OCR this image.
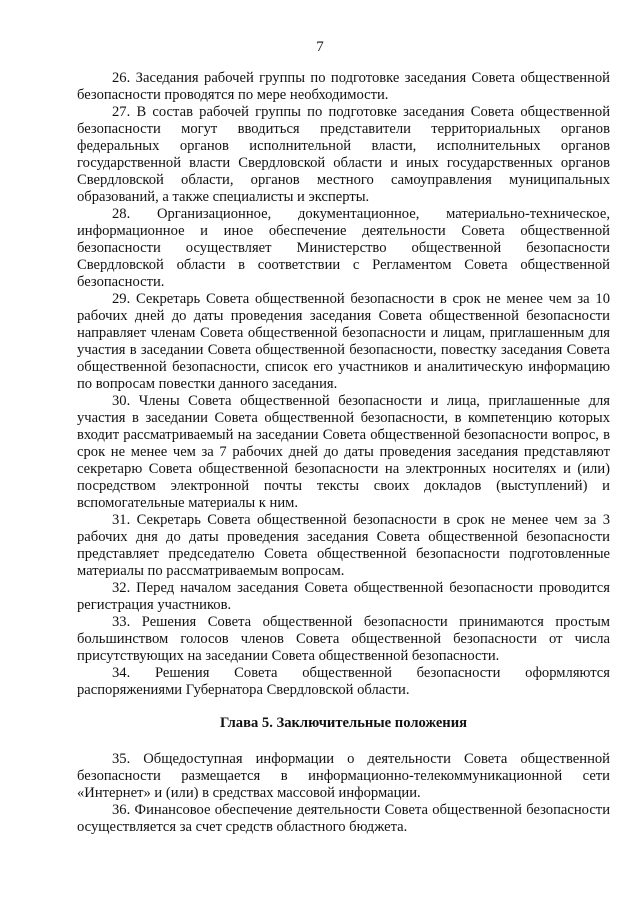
7

26. Заседания рабочей группы по подготовке заседания Совета общественной безопасности проводятся по мере необходимости.

27. В состав рабочей группы по подготовке заседания Совета общественной безопасности могут вводиться представители территориальных органов федеральных органов исполнительной власти, исполнительных органов государственной власти Свердловской области и иных государственных органов Свердловской области, органов местного самоуправления муниципальных образований, а также специалисты и эксперты.

28. Организационное, документационное, материально-техническое, информационное и иное обеспечение деятельности Совета общественной безопасности осуществляет Министерство общественной безопасности Свердловской области в соответствии с Регламентом Совета общественной безопасности.

29. Секретарь Совета общественной безопасности в срок не менее чем за 10 рабочих дней до даты проведения заседания Совета общественной безопасности направляет членам Совета общественной безопасности и лицам, приглашенным для участия в заседании Совета общественной безопасности, повестку заседания Совета общественной безопасности, список его участников и аналитическую информацию по вопросам повестки данного заседания.

30. Члены Совета общественной безопасности и лица, приглашенные для участия в заседании Совета общественной безопасности, в компетенцию которых входит рассматриваемый на заседании Совета общественной безопасности вопрос, в срок не менее чем за 7 рабочих дней до даты проведения заседания представляют секретарю Совета общественной безопасности на электронных носителях и (или) посредством электронной почты тексты своих докладов (выступлений) и вспомогательные материалы к ним.

31. Секретарь Совета общественной безопасности в срок не менее чем за 3 рабочих дня до даты проведения заседания Совета общественной безопасности представляет председателю Совета общественной безопасности подготовленные материалы по рассматриваемым вопросам.

32. Перед началом заседания Совета общественной безопасности проводится регистрация участников.

33. Решения Совета общественной безопасности принимаются простым большинством голосов членов Совета общественной безопасности от числа присутствующих на заседании Совета общественной безопасности.

34. Решения Совета общественной безопасности оформляются распоряжениями Губернатора Свердловской области.

Глава 5. Заключительные положения

35. Общедоступная информации о деятельности Совета общественной безопасности размещается в информационно-телекоммуникационной сети «Интернет» и (или) в средствах массовой информации.

36. Финансовое обеспечение деятельности Совета общественной безопасности осуществляется за счет средств областного бюджета.
